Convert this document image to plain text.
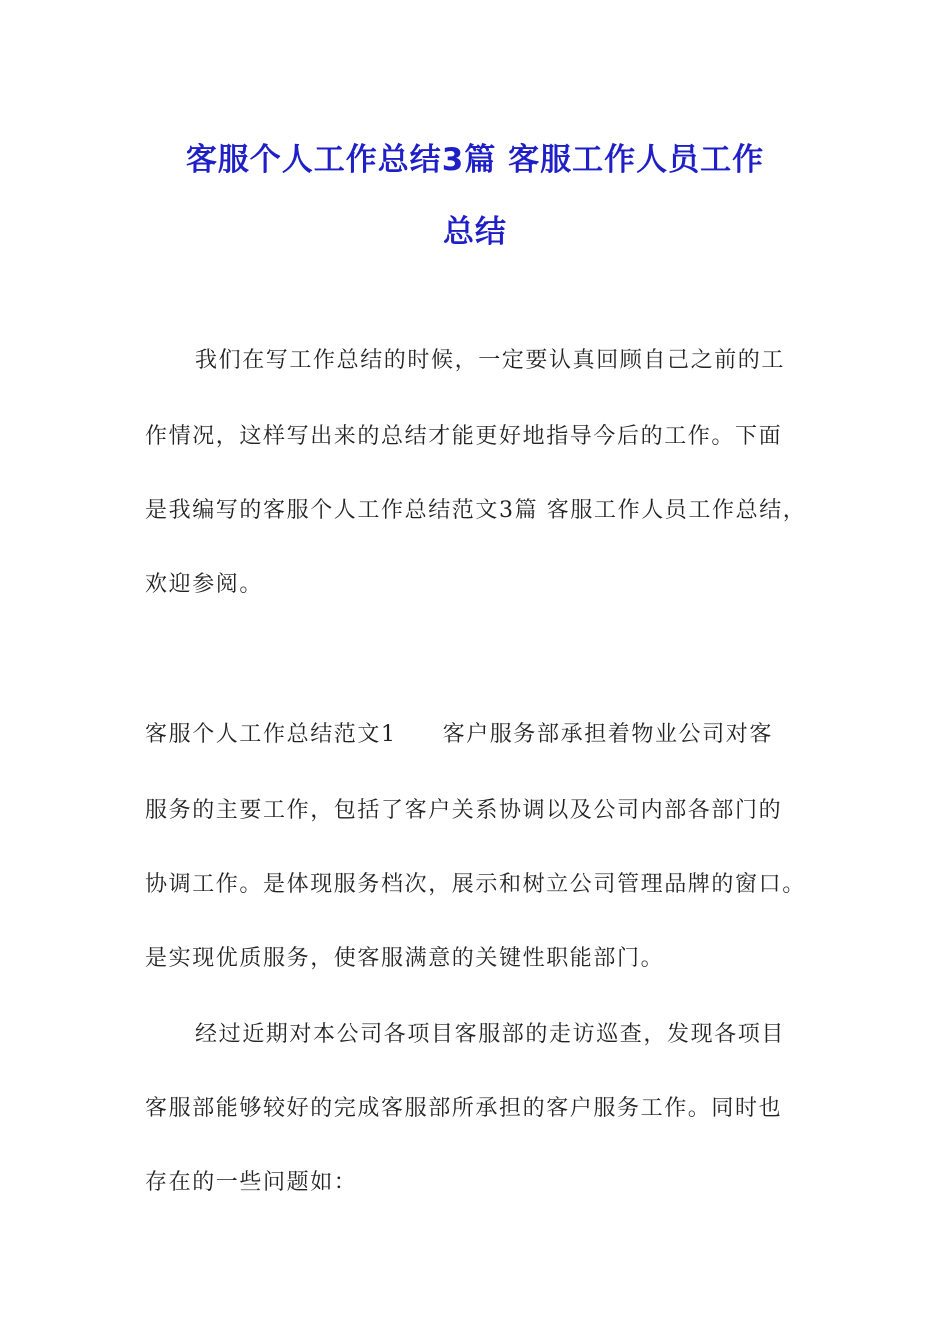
客服个人工作总结3篇 客服工作人员工作
总结
我们在写工作总结的时候，一定要认真回顾自己之前的工
作情况，这样写出来的总结才能更好地指导今后的工作。下面
是我编写的客服个人工作总结范文3篇 客服工作人员工作总结，
欢迎参阅。
客服个人工作总结范文1 客户服务部承担着物业公司对客
服务的主要工作，包括了客户关系协调以及公司内部各部门的
协调工作。是体现服务档次，展示和树立公司管理品牌的窗口。
是实现优质服务，使客服满意的关键性职能部门。
经过近期对本公司各项目客服部的走访巡查，发现各项目
客服部能够较好的完成客服部所承担的客户服务工作。同时也
存在的一些问题如：
